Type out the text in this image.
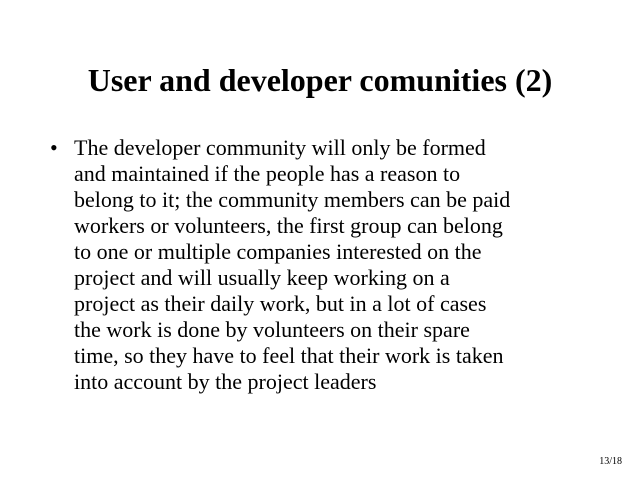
User and developer comunities (2)
• The developer community will only be formed
and maintained if the people has a reason to
belong to it; the community members can be paid
workers or volunteers, the first group can belong
to one or multiple companies interested on the
project and will usually keep working on a
project as their daily work, but in a lot of cases
the work is done by volunteers on their spare
time, so they have to feel that their work is taken
into account by the project leaders
13/18
